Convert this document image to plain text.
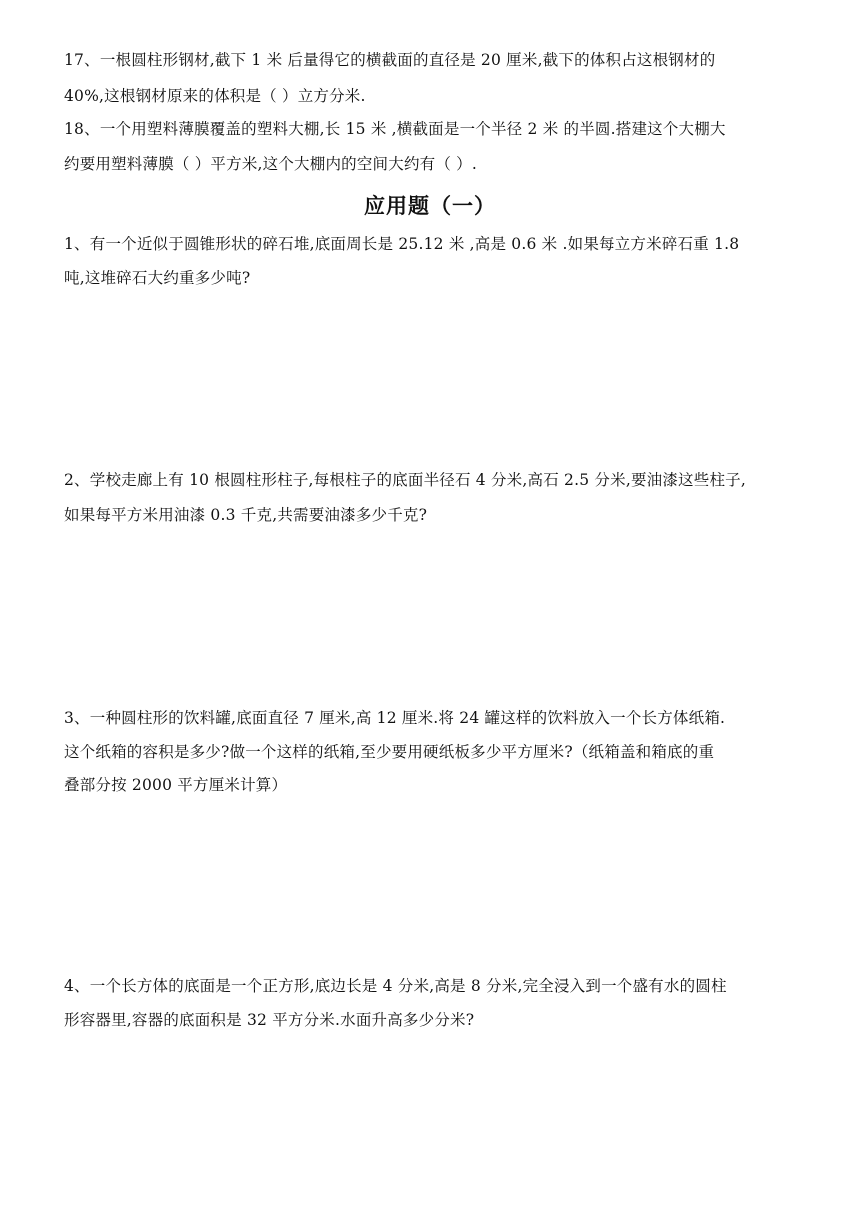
17、一根圆柱形钢材,截下 1 米 后量得它的横截面的直径是 20 厘米,截下的体积占这根钢材的
40%,这根钢材原来的体积是（ ）立方分米.
18、一个用塑料薄膜覆盖的塑料大棚,长 15 米 ,横截面是一个半径 2 米 的半圆.搭建这个大棚大
约要用塑料薄膜（ ）平方米,这个大棚内的空间大约有（ ）.
应用题（一）
1、有一个近似于圆锥形状的碎石堆,底面周长是 25.12 米 ,高是 0.6 米 .如果每立方米碎石重 1.8
吨,这堆碎石大约重多少吨?
2、学校走廊上有 10 根圆柱形柱子,每根柱子的底面半径石 4 分米,高石 2.5 分米,要油漆这些柱子,
如果每平方米用油漆 0.3 千克,共需要油漆多少千克?
3、一种圆柱形的饮料罐,底面直径 7 厘米,高 12 厘米.将 24 罐这样的饮料放入一个长方体纸箱.
这个纸箱的容积是多少?做一个这样的纸箱,至少要用硬纸板多少平方厘米?（纸箱盖和箱底的重
叠部分按 2000 平方厘米计算）
4、一个长方体的底面是一个正方形,底边长是 4 分米,高是 8 分米,完全浸入到一个盛有水的圆柱
形容器里,容器的底面积是 32 平方分米.水面升高多少分米?
